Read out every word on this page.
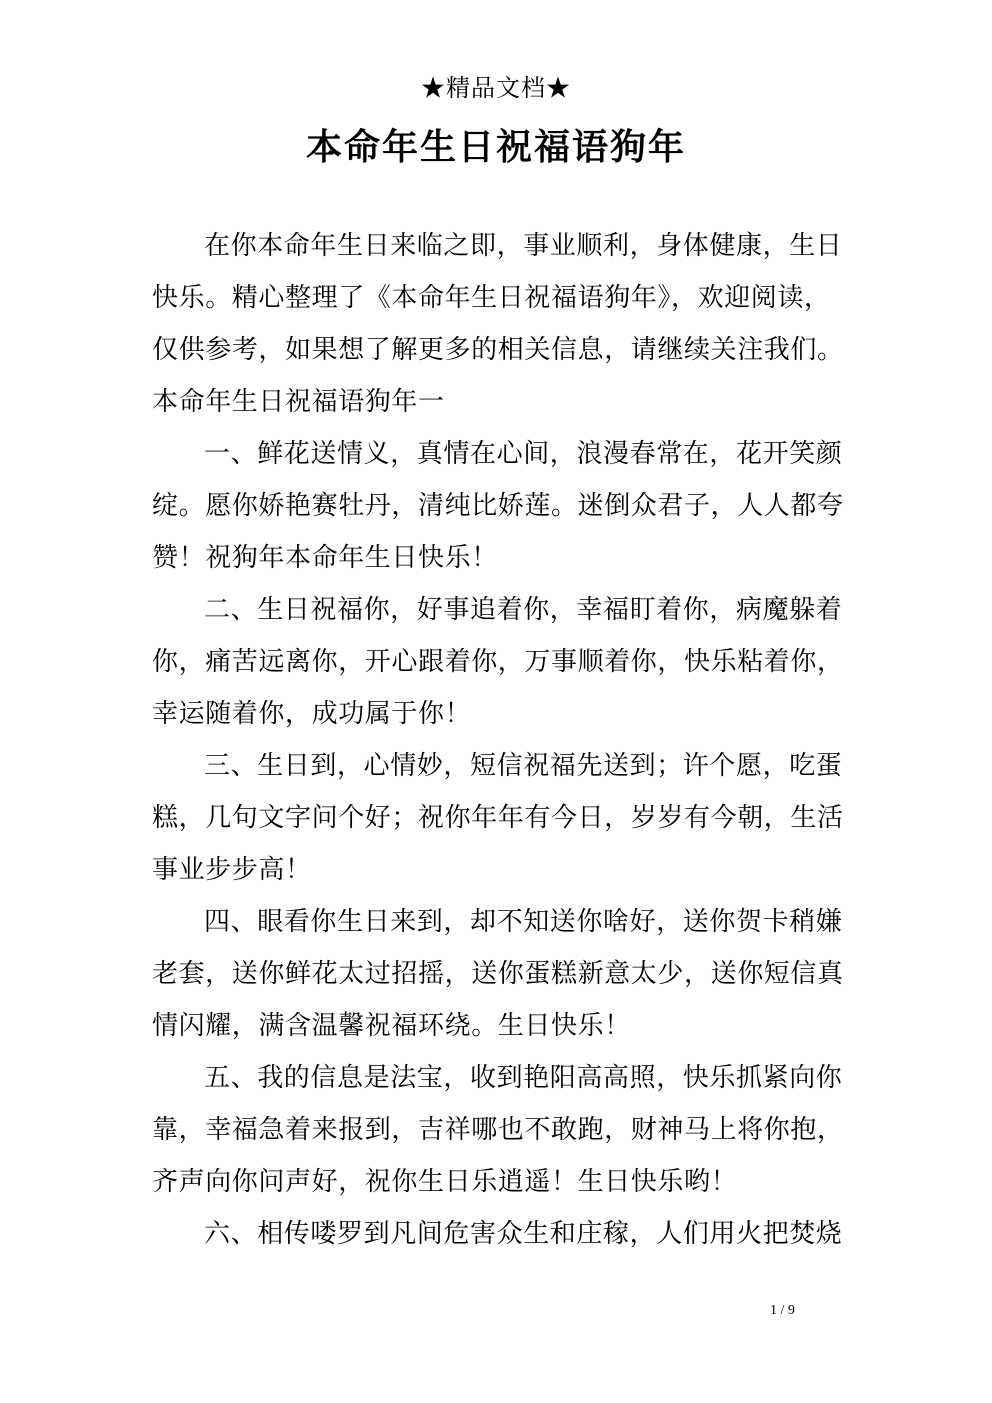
★精品文档★
本命年生日祝福语狗年
在你本命年生日来临之即，事业顺利，身体健康，生日
快乐。精心整理了《本命年生日祝福语狗年》，欢迎阅读，
仅供参考，如果想了解更多的相关信息，请继续关注我们。
本命年生日祝福语狗年一
一、鲜花送情义，真情在心间，浪漫春常在，花开笑颜
绽。愿你娇艳赛牡丹，清纯比娇莲。迷倒众君子，人人都夸
赞！祝狗年本命年生日快乐！
二、生日祝福你，好事追着你，幸福盯着你，病魔躲着
你，痛苦远离你，开心跟着你，万事顺着你，快乐粘着你，
幸运随着你，成功属于你！
三、生日到，心情妙，短信祝福先送到；许个愿，吃蛋
糕，几句文字问个好；祝你年年有今日，岁岁有今朝，生活
事业步步高！
四、眼看你生日来到，却不知送你啥好，送你贺卡稍嫌
老套，送你鲜花太过招摇，送你蛋糕新意太少，送你短信真
情闪耀，满含温馨祝福环绕。生日快乐！
五、我的信息是法宝，收到艳阳高高照，快乐抓紧向你
靠，幸福急着来报到，吉祥哪也不敢跑，财神马上将你抱，
齐声向你问声好，祝你生日乐逍遥！生日快乐哟！
六、相传喽罗到凡间危害众生和庄稼，人们用火把焚烧
1 / 9
